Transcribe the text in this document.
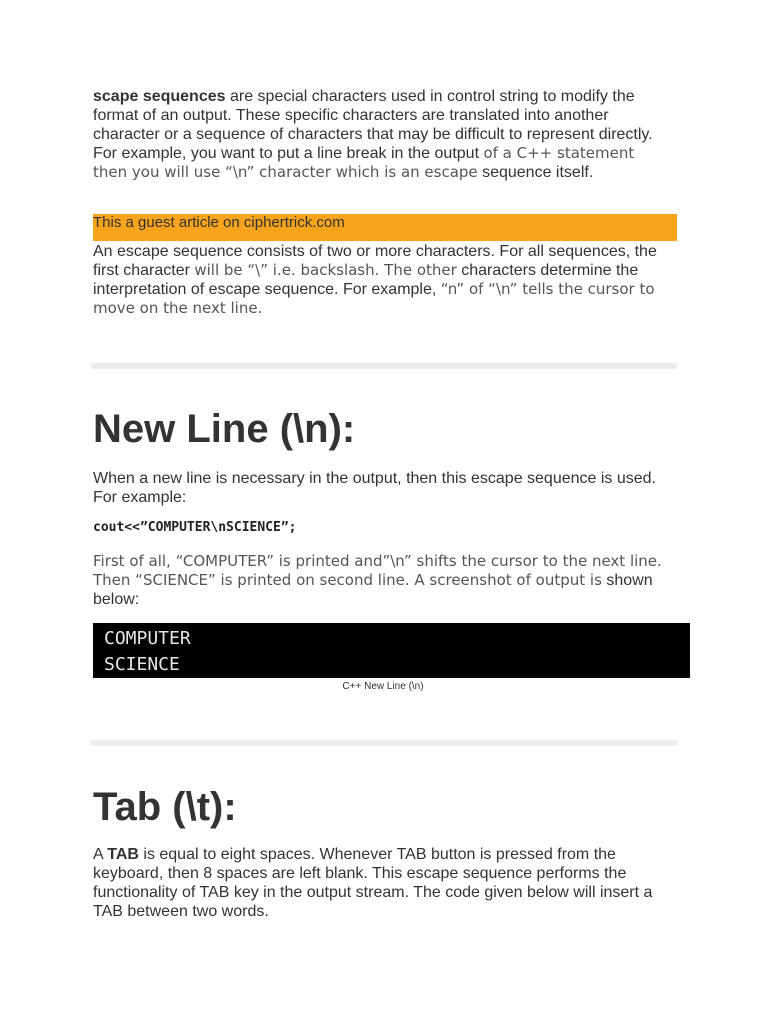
scape sequences are special characters used in control string to modify the format of an output. These specific characters are translated into another character or a sequence of characters that may be difficult to represent directly. For example, you want to put a line break in the output of a C++ statement then you will use “\n” character which is an escape sequence itself.

This a guest article on ciphertrick.com

An escape sequence consists of two or more characters. For all sequences, the first character will be “\” i.e. backslash. The other characters determine the interpretation of escape sequence. For example, “n” of “\n” tells the cursor to move on the next line.

New Line (\n):

When a new line is necessary in the output, then this escape sequence is used. For example:

cout<<”COMPUTER\nSCIENCE”;

First of all, “COMPUTER” is printed and”\n” shifts the cursor to the next line. Then “SCIENCE” is printed on second line. A screenshot of output is shown below:

COMPUTER
SCIENCE
C++ New Line (\n)
Tab (\t):

A TAB is equal to eight spaces. Whenever TAB button is pressed from the keyboard, then 8 spaces are left blank. This escape sequence performs the functionality of TAB key in the output stream. The code given below will insert a TAB between two words.
